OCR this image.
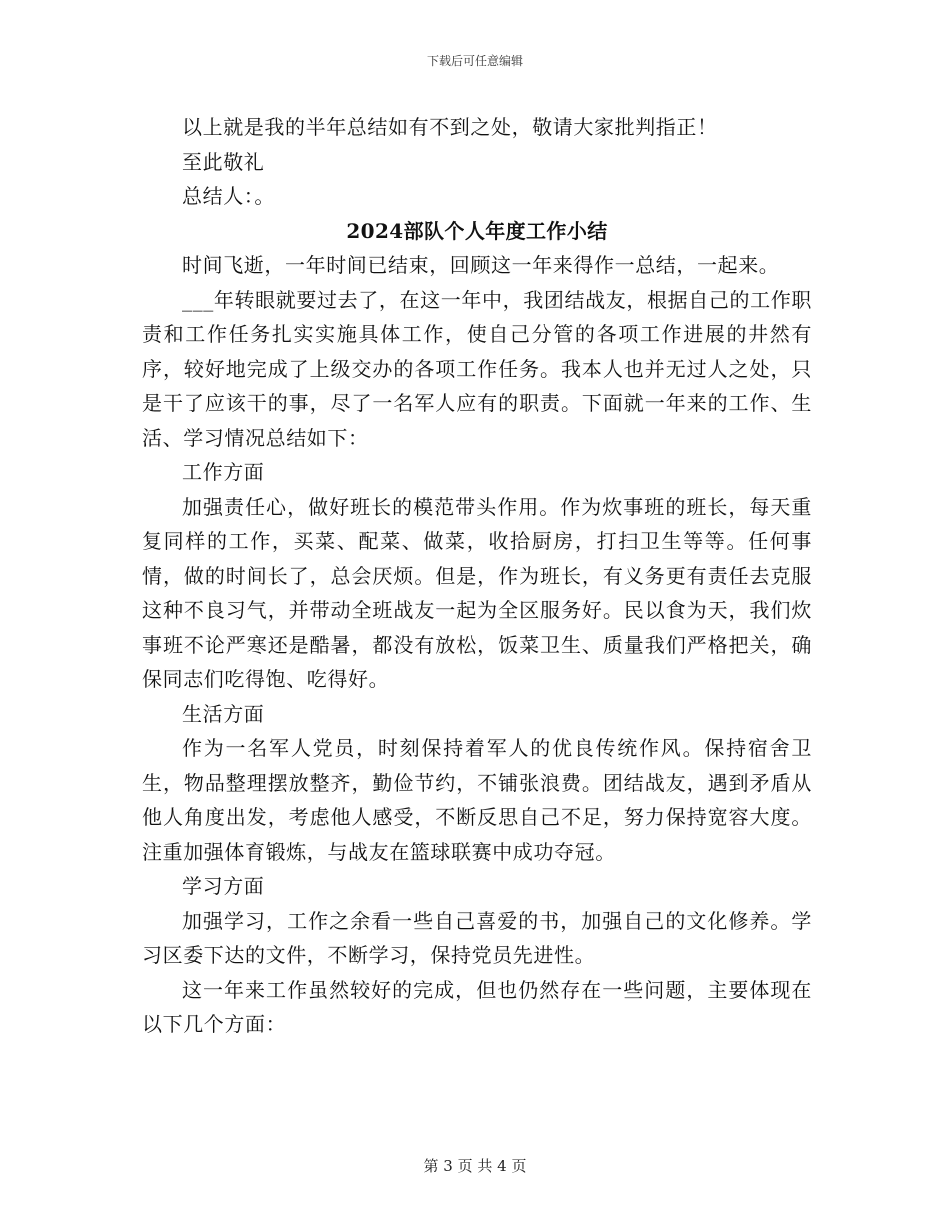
下载后可任意编辑

以上就是我的半年总结如有不到之处，敬请大家批判指正！

至此敬礼

总结人：。

2024部队个人年度工作小结

时间飞逝，一年时间已结束，回顾这一年来得作一总结，一起来。

___年转眼就要过去了，在这一年中，我团结战友，根据自己的工作职责和工作任务扎实实施具体工作，使自己分管的各项工作进展的井然有序，较好地完成了上级交办的各项工作任务。我本人也并无过人之处，只是干了应该干的事，尽了一名军人应有的职责。下面就一年来的工作、生活、学习情况总结如下：

工作方面

加强责任心，做好班长的模范带头作用。作为炊事班的班长，每天重复同样的工作，买菜、配菜、做菜，收拾厨房，打扫卫生等等。任何事情，做的时间长了，总会厌烦。但是，作为班长，有义务更有责任去克服这种不良习气，并带动全班战友一起为全区服务好。民以食为天，我们炊事班不论严寒还是酷暑，都没有放松，饭菜卫生、质量我们严格把关，确保同志们吃得饱、吃得好。

生活方面

作为一名军人党员，时刻保持着军人的优良传统作风。保持宿舍卫生，物品整理摆放整齐，勤俭节约，不铺张浪费。团结战友，遇到矛盾从他人角度出发，考虑他人感受，不断反思自己不足，努力保持宽容大度。注重加强体育锻炼，与战友在篮球联赛中成功夺冠。

学习方面

加强学习，工作之余看一些自己喜爱的书，加强自己的文化修养。学习区委下达的文件，不断学习，保持党员先进性。

这一年来工作虽然较好的完成，但也仍然存在一些问题，主要体现在以下几个方面：

第 3 页 共 4 页
